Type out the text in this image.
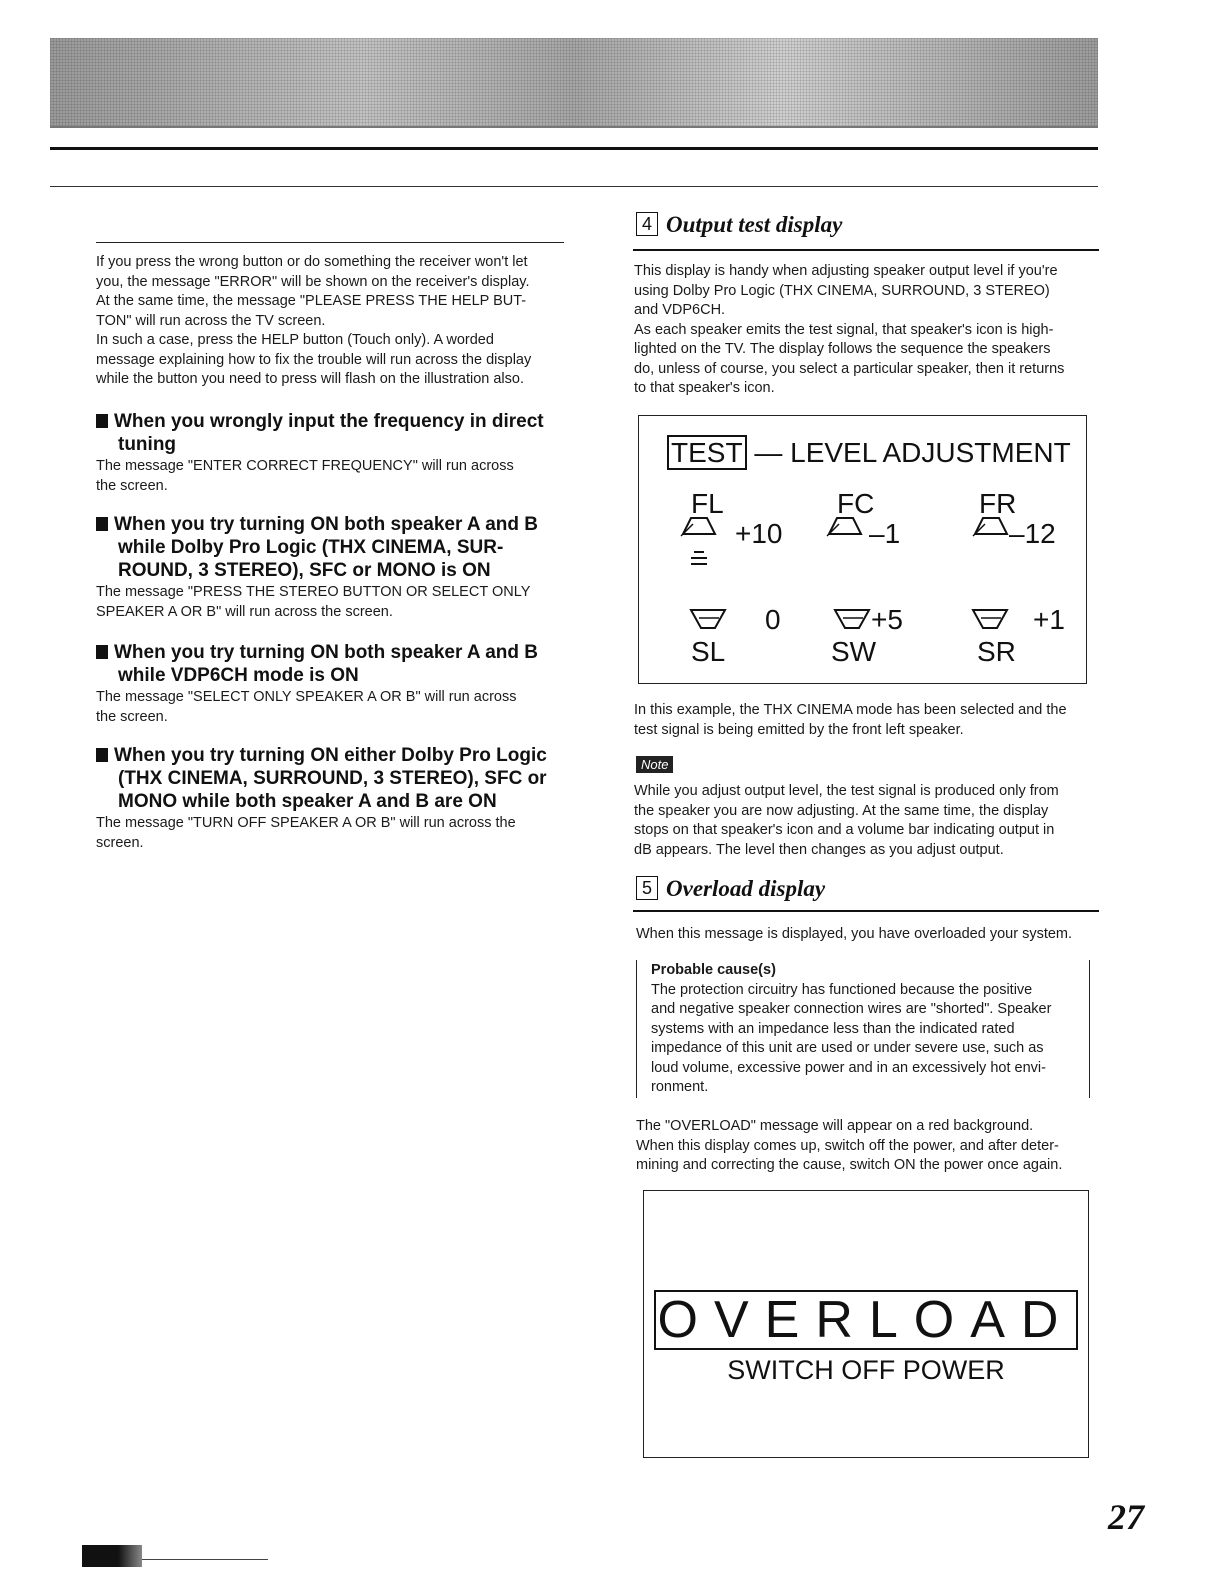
If you press the wrong button or do something the receiver won't let
you, the message "ERROR" will be shown on the receiver's display.
At the same time, the message "PLEASE PRESS THE HELP BUT-
TON" will run across the TV screen.
In such a case, press the HELP button (Touch only). A worded
message explaining how to fix the trouble will run across the display
while the button you need to press will flash on the illustration also.
When you wrongly input the frequency in direct
tuning
The message "ENTER CORRECT FREQUENCY" will run across
the screen.
When you try turning ON both speaker A and B
while Dolby Pro Logic (THX CINEMA, SUR-
ROUND, 3 STEREO), SFC or MONO is ON
The message "PRESS THE STEREO BUTTON OR SELECT ONLY
SPEAKER A OR B" will run across the screen.
When you try turning ON both speaker A and B
while VDP6CH mode is ON
The message "SELECT ONLY SPEAKER A OR B" will run across
the screen.
When you try turning ON either Dolby Pro Logic
(THX CINEMA, SURROUND, 3 STEREO), SFC or
MONO while both speaker A and B are ON
The message "TURN OFF SPEAKER A OR B" will run across the
screen.
4 Output test display
This display is handy when adjusting speaker output level if you're
using Dolby Pro Logic (THX CINEMA, SURROUND, 3 STEREO)
and VDP6CH.
As each speaker emits the test signal, that speaker's icon is high-
lighted on the TV. The display follows the sequence the speakers
do, unless of course, you select a particular speaker, then it returns
to that speaker's icon.
TEST — LEVEL ADJUSTMENT
FL	FC	FR
+10	–1	–12
0	+5	+1
SL	SW	SR
In this example, the THX CINEMA mode has been selected and the
test signal is being emitted by the front left speaker.
Note
While you adjust output level, the test signal is produced only from
the speaker you are now adjusting. At the same time, the display
stops on that speaker's icon and a volume bar indicating output in
dB appears. The level then changes as you adjust output.
5 Overload display
When this message is displayed, you have overloaded your system.
Probable cause(s)
The protection circuitry has functioned because the positive
and negative speaker connection wires are "shorted". Speaker
systems with an impedance less than the indicated rated
impedance of this unit are used or under severe use, such as
loud volume, excessive power and in an excessively hot envi-
ronment.
The "OVERLOAD" message will appear on a red background.
When this display comes up, switch off the power, and after deter-
mining and correcting the cause, switch ON the power once again.
OVERLOAD
SWITCH OFF POWER
27
